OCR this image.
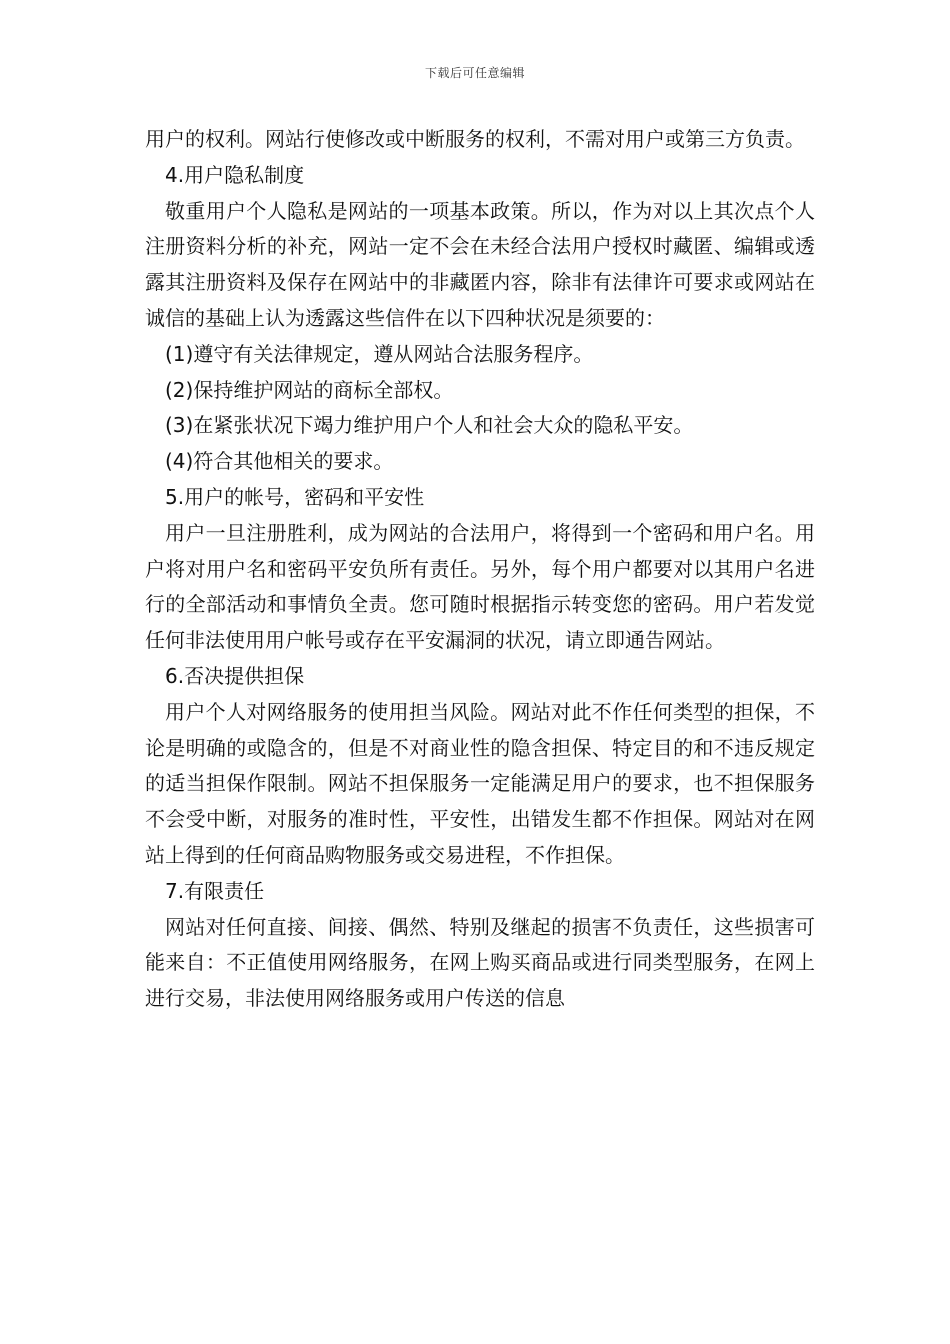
下载后可任意编辑

用户的权利。网站行使修改或中断服务的权利，不需对用户或第三方负责。

4.用户隐私制度

敬重用户个人隐私是网站的一项基本政策。所以，作为对以上其次点个人注册资料分析的补充，网站一定不会在未经合法用户授权时藏匿、编辑或透露其注册资料及保存在网站中的非藏匿内容，除非有法律许可要求或网站在诚信的基础上认为透露这些信件在以下四种状况是须要的：

(1)遵守有关法律规定，遵从网站合法服务程序。

(2)保持维护网站的商标全部权。

(3)在紧张状况下竭力维护用户个人和社会大众的隐私平安。

(4)符合其他相关的要求。

5.用户的帐号，密码和平安性

用户一旦注册胜利，成为网站的合法用户，将得到一个密码和用户名。用户将对用户名和密码平安负所有责任。另外，每个用户都要对以其用户名进行的全部活动和事情负全责。您可随时根据指示转变您的密码。用户若发觉任何非法使用用户帐号或存在平安漏洞的状况，请立即通告网站。

6.否决提供担保

用户个人对网络服务的使用担当风险。网站对此不作任何类型的担保，不论是明确的或隐含的，但是不对商业性的隐含担保、特定目的和不违反规定的适当担保作限制。网站不担保服务一定能满足用户的要求，也不担保服务不会受中断，对服务的准时性，平安性，出错发生都不作担保。网站对在网站上得到的任何商品购物服务或交易进程，不作担保。

7.有限责任

网站对任何直接、间接、偶然、特别及继起的损害不负责任，这些损害可能来自：不正值使用网络服务，在网上购买商品或进行同类型服务，在网上进行交易，非法使用网络服务或用户传送的信息
